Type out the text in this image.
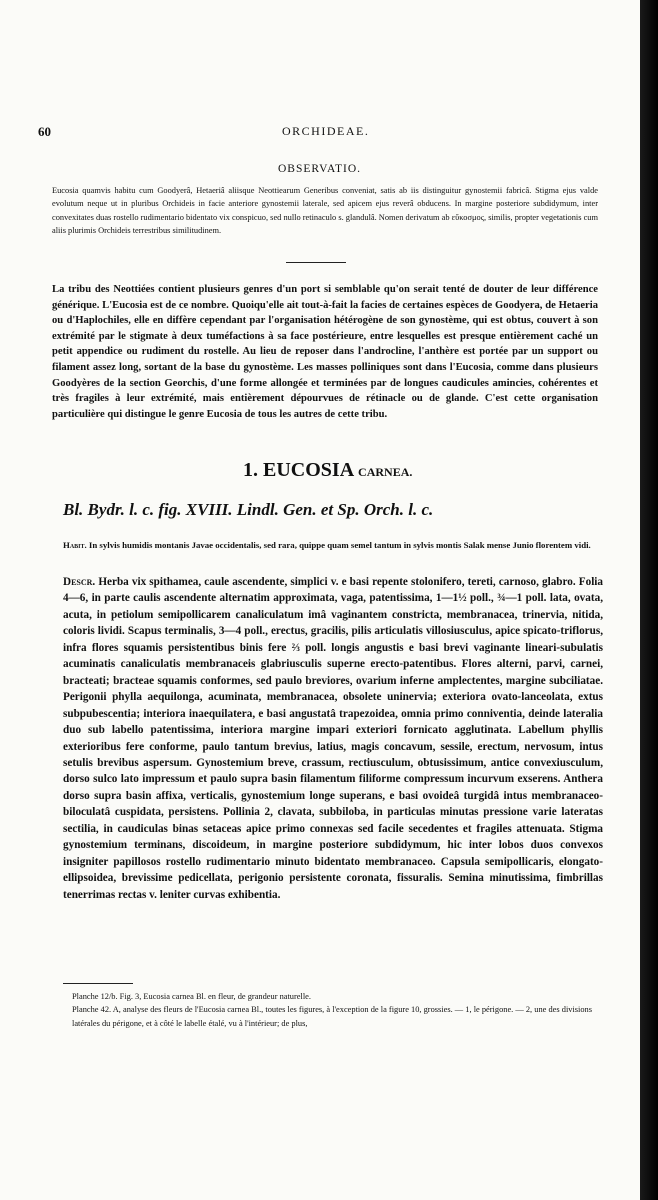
60	ORCHIDEAE.
OBSERVATIO.

Eucosia quamvis habitu cum Goodyerâ, Hetaeriâ aliisque Neottiearum Generibus conveniat, satis ab iis distinguitur gynostemii fabricâ. Stigma ejus valde evolutum neque ut in pluribus Orchideis in facie anteriore gynostemii laterale, sed apicem ejus reverâ obducens. In margine posteriore subdidymum, inter convexitates duas rostello rudimentario bidentato vix conspicuo, sed nullo retinaculo s. glandulâ. Nomen derivatum ab εὔκοσμος, similis, propter vegetationis cum aliis plurimis Orchideis terrestribus similitudinem.

La tribu des Neottiées contient plusieurs genres d'un port si semblable qu'on serait tenté de douter de leur différence générique. L'Eucosia est de ce nombre. Quoiqu'elle ait tout-à-fait la facies de certaines espèces de Goodyera, de Hetaeria ou d'Haplochiles, elle en diffère cependant par l'organisation hétérogène de son gynostème, qui est obtus, couvert à son extrémité par le stigmate à deux tuméfactions à sa face postérieure, entre lesquelles est presque entièrement caché un petit appendice ou rudiment du rostelle. Au lieu de reposer dans l'androcline, l'anthère est portée par un support ou filament assez long, sortant de la base du gynostème. Les masses polliniques sont dans l'Eucosia, comme dans plusieurs Goodyères de la section Georchis, d'une forme allongée et terminées par de longues caudicules amincies, cohérentes et très fragiles à leur extrémité, mais entièrement dépourvues de rétinacle ou de glande. C'est cette organisation particulière qui distingue le genre Eucosia de tous les autres de cette tribu.

1. EUCOSIA CARNEA.
Bl. Bydr. l. c. fig. XVIII. Lindl. Gen. et Sp. Orch. l. c.

Habit. In sylvis humidis montanis Javae occidentalis, sed rara, quippe quam semel tantum in sylvis montis Salak mense Junio florentem vidi.

Descr. Herba vix spithamea, caule ascendente, simplici v. e basi repente stolonifero, tereti, carnoso, glabro. Folia 4—6, in parte caulis ascendente alternatim approximata, vaga, patentissima, 1—1½ poll., ¾—1 poll. lata, ovata, acuta, in petiolum semipollicarem canaliculatum imâ vaginantem constricta, membranacea, trinervia, nitida, coloris lividi. Scapus terminalis, 3—4 poll., erectus, gracilis, pilis articulatis villosiusculus, apice spicato-triflorus, infra flores squamis persistentibus binis fere ⅔ poll. longis angustis e basi brevi vaginante lineari-subulatis acuminatis canaliculatis membranaceis glabriusculis superne erecto-patentibus. Flores alterni, parvi, carnei, bracteati; bracteae squamis conformes, sed paulo breviores, ovarium inferne amplectentes, margine subciliatae. Perigonii phylla aequilonga, acuminata, membranacea, obsolete uninervia; exteriora ovato-lanceolata, extus subpubescentia; interiora inaequilatera, e basi angustatâ trapezoidea, omnia primo conniventia, deinde lateralia duo sub labello patentissima, interiora margine impari exteriori fornicato agglutinata. Labellum phyllis exterioribus fere conforme, paulo tantum brevius, latius, magis concavum, sessile, erectum, nervosum, intus setulis brevibus aspersum. Gynostemium breve, crassum, rectiusculum, obtusissimum, antice convexiusculum, dorso sulco lato impressum et paulo supra basin filamentum filiforme compressum incurvum exserens. Anthera dorso supra basin affixa, verticalis, gynostemium longe superans, e basi ovoideâ turgidâ intus membranaceo-biloculatâ cuspidata, persistens. Pollinia 2, clavata, subbiloba, in particulas minutas pressione varie lateratas sectilia, in caudiculas binas setaceas apice primo connexas sed facile secedentes et fragiles attenuata. Stigma gynostemium terminans, discoideum, in margine posteriore subdidymum, hic inter lobos duos convexos insigniter papillosos rostello rudimentario minuto bidentato membranaceo. Capsula semipollicaris, elongato-ellipsoidea, brevissime pedicellata, perigonio persistente coronata, fissuralis. Semina minutissima, fimbrillas tenerrimas rectas v. leniter curvas exhibentia.

Planche 12/b. Fig. 3, Eucosia carnea Bl. en fleur, de grandeur naturelle.

Planche 42. A, analyse des fleurs de l'Eucosia carnea Bl., toutes les figures, à l'exception de la figure 10, grossies. — 1, le périgone. — 2, une des divisions latérales du périgone, et à côté le labelle étalé, vu à l'intérieur; de plus,
